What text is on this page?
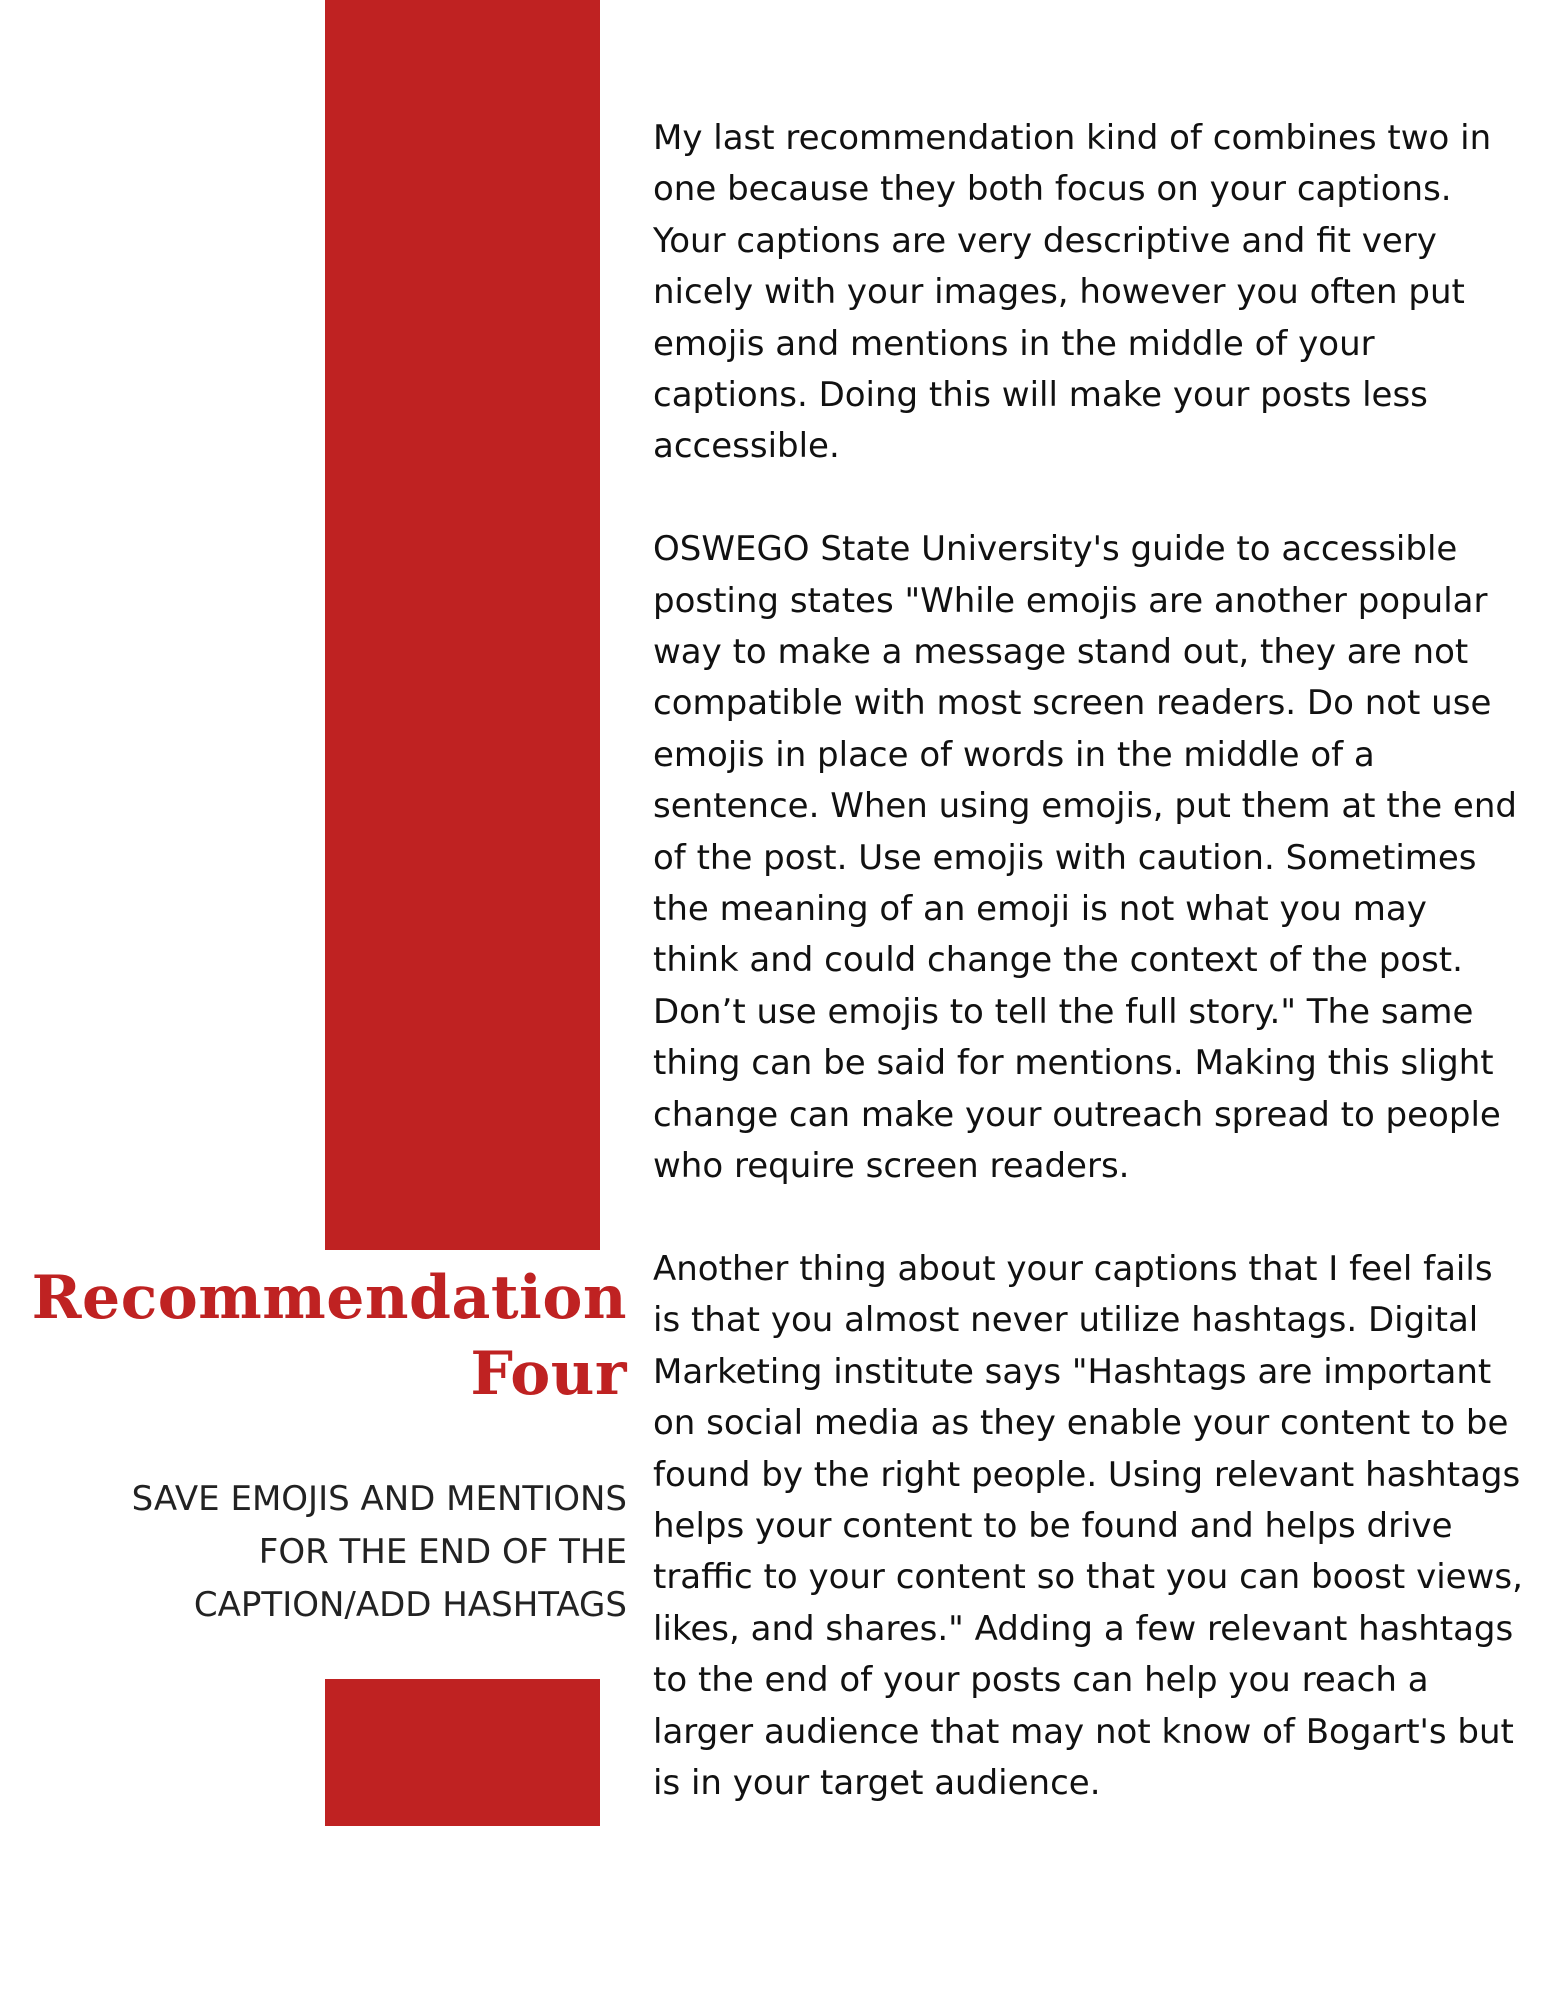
Recommendation
Four
SAVE EMOJIS AND MENTIONS
FOR THE END OF THE
CAPTION/ADD HASHTAGS

My last recommendation kind of combines two in one because they both focus on your captions. Your captions are very descriptive and fit very nicely with your images, however you often put emojis and mentions in the middle of your captions. Doing this will make your posts less accessible.

OSWEGO State University's guide to accessible posting states "While emojis are another popular way to make a message stand out, they are not compatible with most screen readers. Do not use emojis in place of words in the middle of a sentence. When using emojis, put them at the end of the post. Use emojis with caution. Sometimes the meaning of an emoji is not what you may think and could change the context of the post. Don’t use emojis to tell the full story." The same thing can be said for mentions. Making this slight change can make your outreach spread to people who require screen readers.

Another thing about your captions that I feel fails is that you almost never utilize hashtags. Digital Marketing institute says "Hashtags are important on social media as they enable your content to be found by the right people. Using relevant hashtags helps your content to be found and helps drive traffic to your content so that you can boost views, likes, and shares." Adding a few relevant hashtags to the end of your posts can help you reach a larger audience that may not know of Bogart's but is in your target audience.
